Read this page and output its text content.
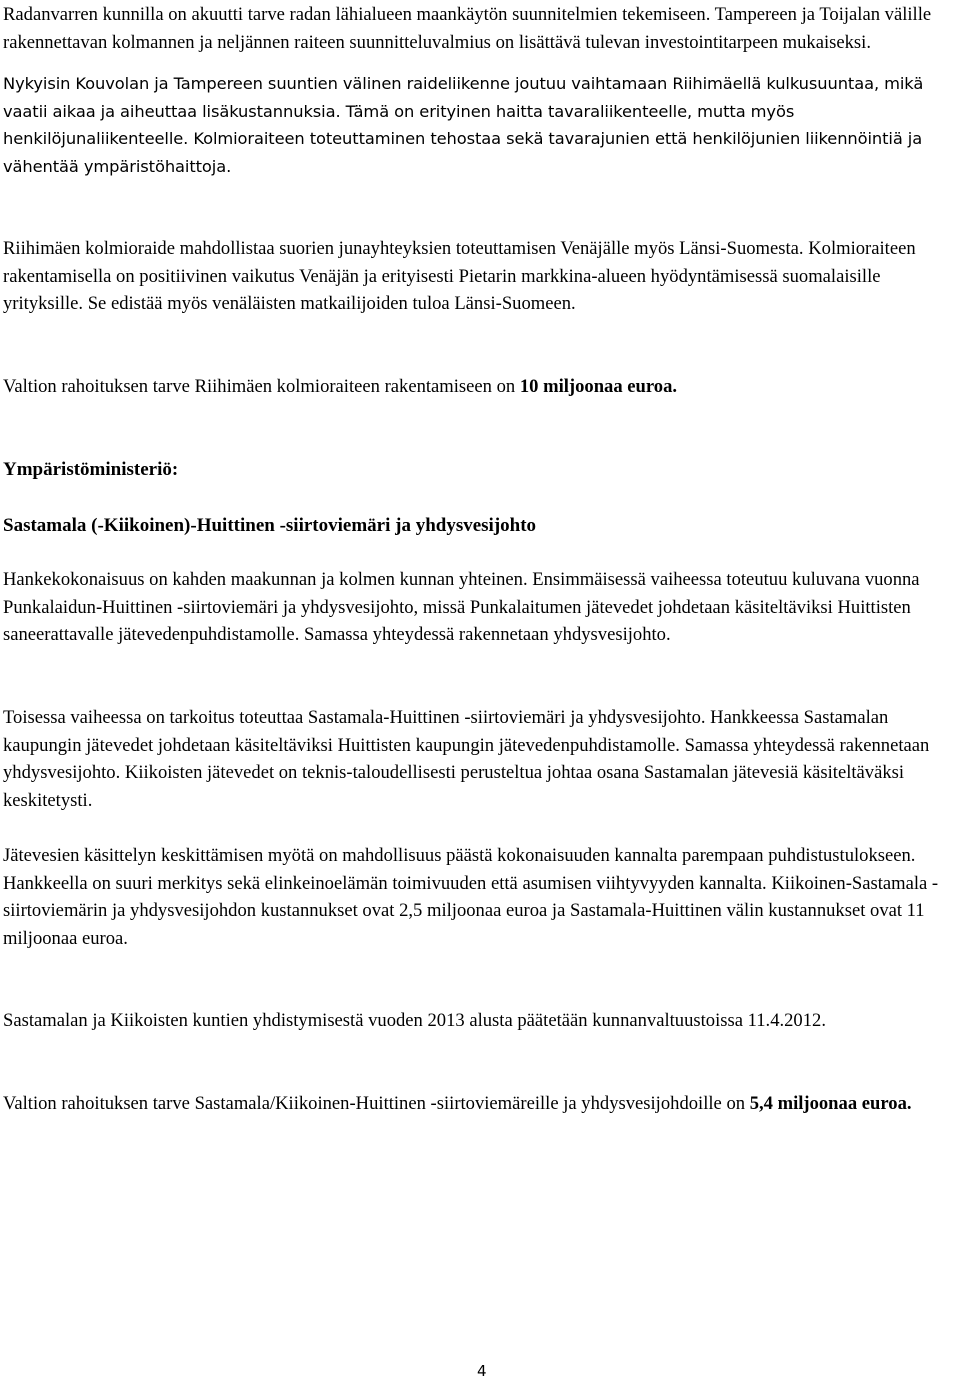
Radanvarren kunnilla on akuutti tarve radan lähialueen maankäytön suunnitelmien tekemiseen. Tampereen ja Toijalan välille rakennettavan kolmannen ja neljännen raiteen suunnitteluvalmius on lisättävä tulevan investointitarpeen mukaiseksi.

Nykyisin Kouvolan ja Tampereen suuntien välinen raideliikenne joutuu vaihtamaan Riihimäellä kulkusuuntaa, mikä vaatii aikaa ja aiheuttaa lisäkustannuksia. Tämä on erityinen haitta tavaraliikenteelle, mutta myös henkilöjunaliikenteelle. Kolmioraiteen toteuttaminen tehostaa sekä tavarajunien että henkilöjunien liikennöintiä ja vähentää ympäristöhaittoja.

Riihimäen kolmioraide mahdollistaa suorien junayhteyksien toteuttamisen Venäjälle myös Länsi-Suomesta. Kolmioraiteen rakentamisella on positiivinen vaikutus Venäjän ja erityisesti Pietarin markkina-alueen hyödyntämisessä suomalaisille yrityksille. Se edistää myös venäläisten matkailijoiden tuloa Länsi-Suomeen.

Valtion rahoituksen tarve Riihimäen kolmioraiteen rakentamiseen on 10 miljoonaa euroa.

Ympäristöministeriö:
Sastamala (-Kiikoinen)-Huittinen -siirtoviemäri ja yhdysvesijohto

Hankekokonaisuus on kahden maakunnan ja kolmen kunnan yhteinen. Ensimmäisessä vaiheessa toteutuu kuluvana vuonna Punkalaidun-Huittinen -siirtoviemäri ja yhdysvesijohto, missä Punkalaitumen jätevedet johdetaan käsiteltäviksi Huittisten saneerattavalle jätevedenpuhdistamolle. Samassa yhteydessä rakennetaan yhdysvesijohto.

Toisessa vaiheessa on tarkoitus toteuttaa Sastamala-Huittinen -siirtoviemäri ja yhdysvesijohto. Hankkeessa Sastamalan kaupungin jätevedet johdetaan käsiteltäviksi Huittisten kaupungin jätevedenpuhdistamolle. Samassa yhteydessä rakennetaan yhdysvesijohto. Kiikoisten jätevedet on teknis-taloudellisesti perusteltua johtaa osana Sastamalan jätevesiä käsiteltäväksi keskitetysti.

Jätevesien käsittelyn keskittämisen myötä on mahdollisuus päästä kokonaisuuden kannalta parempaan puhdistustulokseen. Hankkeella on suuri merkitys sekä elinkeinoelämän toimivuuden että asumisen viihtyvyyden kannalta. Kiikoinen-Sastamala -siirtoviemärin ja yhdysvesijohdon kustannukset ovat 2,5 miljoonaa euroa ja Sastamala-Huittinen välin kustannukset ovat 11 miljoonaa euroa.

Sastamalan ja Kiikoisten kuntien yhdistymisestä vuoden 2013 alusta päätetään kunnanvaltuustoissa 11.4.2012.

Valtion rahoituksen tarve Sastamala/Kiikoinen-Huittinen -siirtoviemäreille ja yhdysvesijohdoille on 5,4 miljoonaa euroa.

4
